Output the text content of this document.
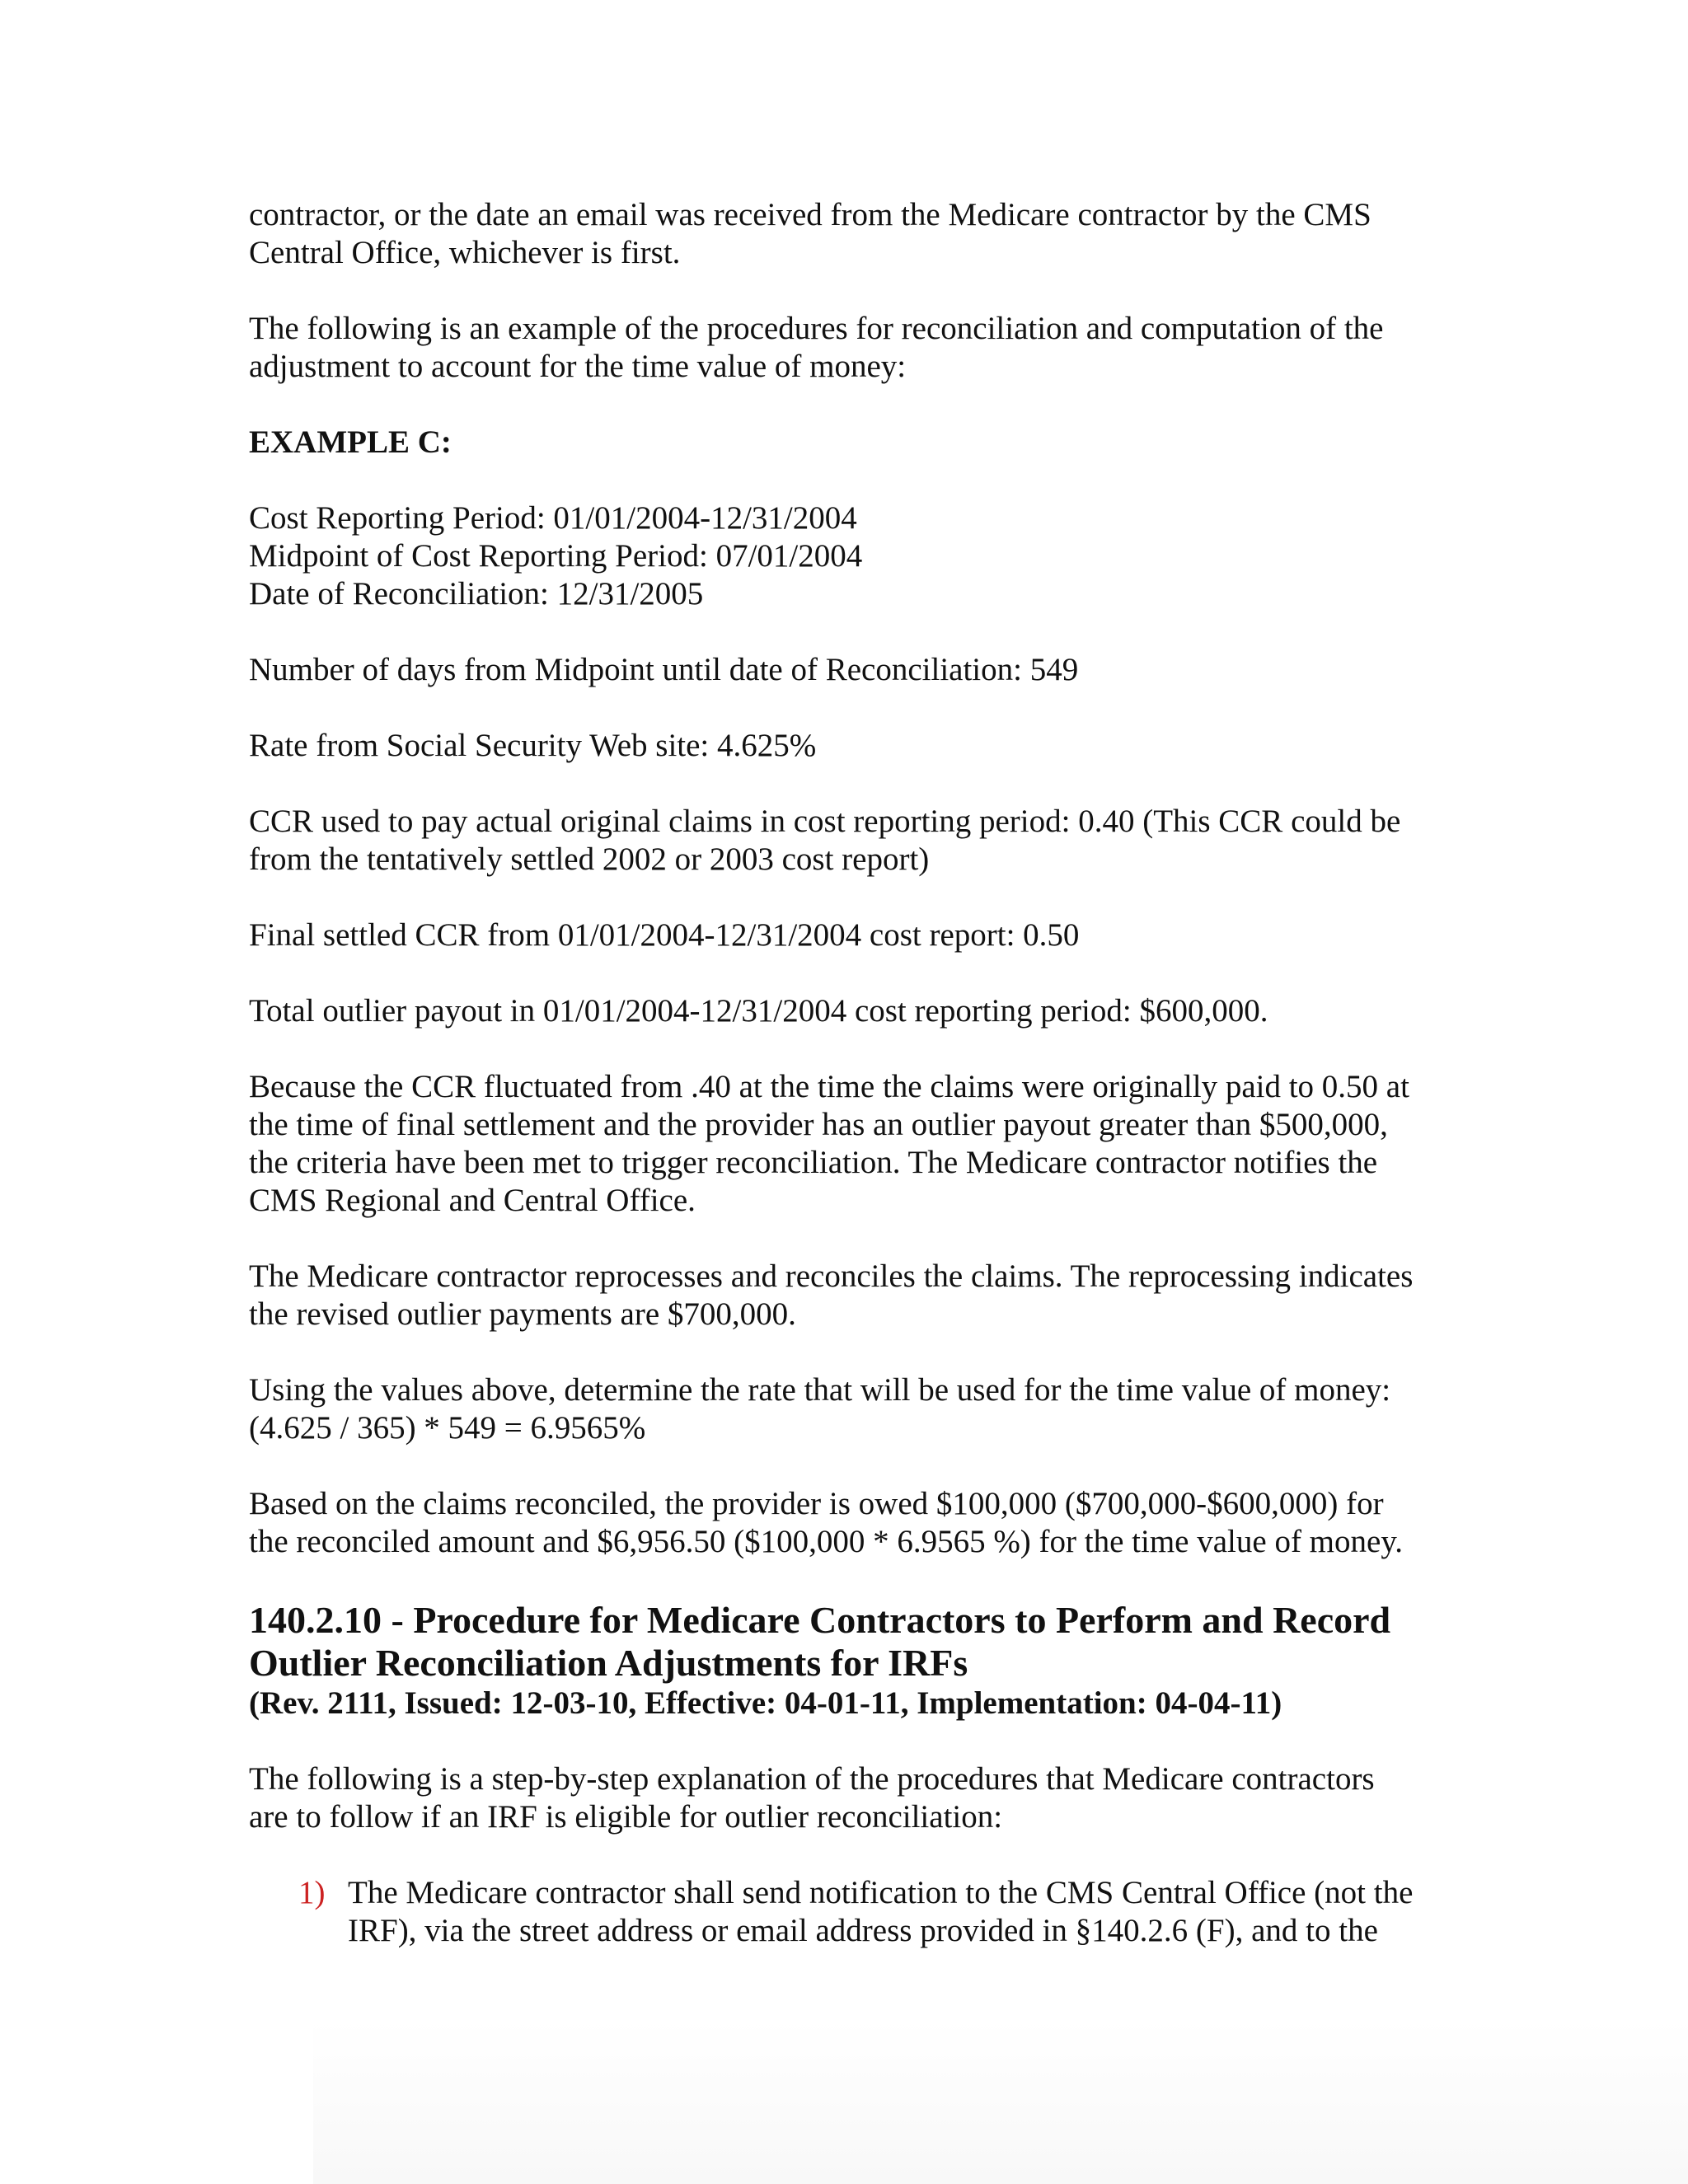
contractor, or the date an email was received from the Medicare contractor by the CMS
Central Office, whichever is first.

The following is an example of the procedures for reconciliation and computation of the
adjustment to account for the time value of money:

EXAMPLE C:

Cost Reporting Period: 01/01/2004-12/31/2004
Midpoint of Cost Reporting Period: 07/01/2004
Date of Reconciliation: 12/31/2005

Number of days from Midpoint until date of Reconciliation: 549

Rate from Social Security Web site: 4.625%

CCR used to pay actual original claims in cost reporting period: 0.40 (This CCR could be
from the tentatively settled 2002 or 2003 cost report)

Final settled CCR from 01/01/2004-12/31/2004 cost report: 0.50

Total outlier payout in 01/01/2004-12/31/2004 cost reporting period: $600,000.

Because the CCR fluctuated from .40 at the time the claims were originally paid to 0.50 at
the time of final settlement and the provider has an outlier payout greater than $500,000,
the criteria have been met to trigger reconciliation. The Medicare contractor notifies the
CMS Regional and Central Office.

The Medicare contractor reprocesses and reconciles the claims. The reprocessing indicates
the revised outlier payments are $700,000.

Using the values above, determine the rate that will be used for the time value of money:
(4.625 / 365) * 549 = 6.9565%

Based on the claims reconciled, the provider is owed $100,000 ($700,000-$600,000) for
the reconciled amount and $6,956.50 ($100,000 * 6.9565 %) for the time value of money.

140.2.10 - Procedure for Medicare Contractors to Perform and Record
Outlier Reconciliation Adjustments for IRFs

(Rev. 2111, Issued: 12-03-10, Effective: 04-01-11, Implementation: 04-04-11)

The following is a step-by-step explanation of the procedures that Medicare contractors
are to follow if an IRF is eligible for outlier reconciliation:

1) The Medicare contractor shall send notification to the CMS Central Office (not the
IRF), via the street address or email address provided in §140.2.6 (F), and to the
